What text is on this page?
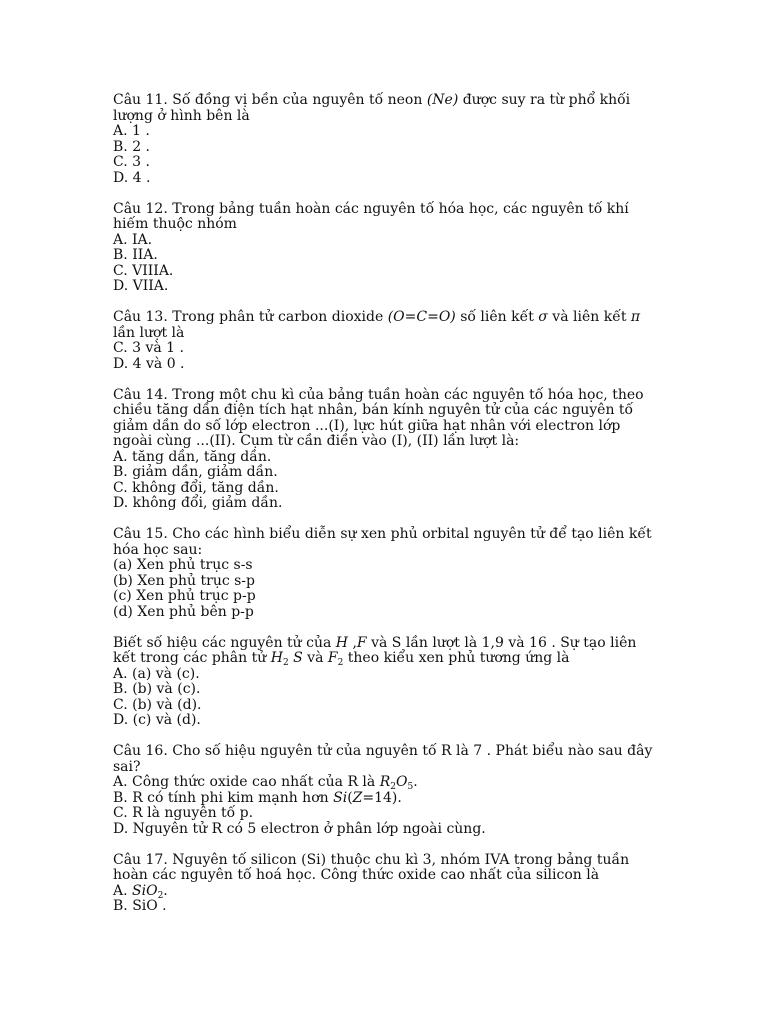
Câu 11. Số đồng vị bền của nguyên tố neon (Ne) được suy ra từ phổ khối lượng ở hình bên là

A. 1 .

B. 2 .

C. 3 .

D. 4 .

Câu 12. Trong bảng tuần hoàn các nguyên tố hóa học, các nguyên tố khí hiếm thuộc nhóm

A. IA.

B. IIA.

C. VIIIA.

D. VIIA.

Câu 13. Trong phân tử carbon dioxide (O=C=O) số liên kết σ và liên kết π lần lượt là

C. 3 và 1 .

D. 4 và 0 .

Câu 14. Trong một chu kì của bảng tuần hoàn các nguyên tố hóa học, theo chiều tăng dần điện tích hạt nhân, bán kính nguyên tử của các nguyên tố giảm dần do số lớp electron ...(I), lực hút giữa hạt nhân với electron lớp ngoài cùng ...(II). Cụm từ cần điền vào (I), (II) lần lượt là:

A. tăng dần, tăng dần.

B. giảm dần, giảm dần.

C. không đổi, tăng dần.

D. không đổi, giảm dần.

Câu 15. Cho các hình biểu diễn sự xen phủ orbital nguyên tử để tạo liên kết hóa học sau:

(a) Xen phủ trục s-s

(b) Xen phủ trục s-p

(c) Xen phủ trục p-p

(d) Xen phủ bên p-p

Biết số hiệu các nguyên tử của H ,F và S lần lượt là 1,9 và 16 . Sự tạo liên kết trong các phân tử $H_2$ S và $F_2$ theo kiểu xen phủ tương ứng là

A. (a) và (c).

B. (b) và (c).

C. (b) và (d).

D. (c) và (d).

Câu 16. Cho số hiệu nguyên tử của nguyên tố R là 7 . Phát biểu nào sau đây sai?

A. Công thức oxide cao nhất của R là $R_2O_5$.

B. R có tính phi kim mạnh hơn Si(Z=14).

C. R là nguyên tố p.

D. Nguyên tử R có 5 electron ở phân lớp ngoài cùng.

Câu 17. Nguyên tố silicon (Si) thuộc chu kì 3, nhóm IVA trong bảng tuần hoàn các nguyên tố hoá học. Công thức oxide cao nhất của silicon là

A. SiO$_2$.

B. SiO .
